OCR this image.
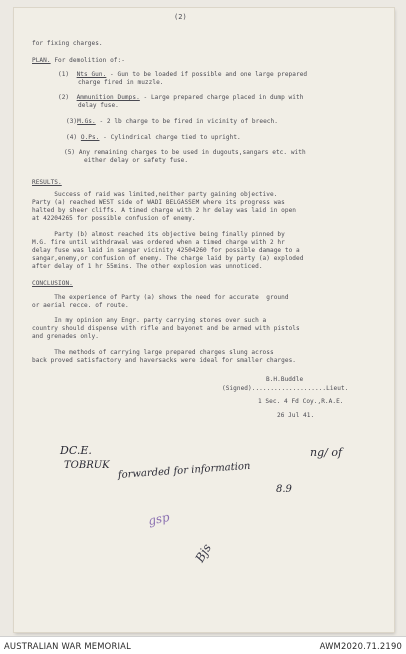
(2)
for fixing charges.
PLAN. For demolition of:-
(1) Nts Gun. - Gun to be loaded if possible and one large prepared
charge fired in muzzle.
(2) Ammunition Dumps. - Large prepared charge placed in dump with
delay fuse.
(3)M.Gs. - 2 lb charge to be fired in vicinity of breech.
(4) O.Ps. - Cylindrical charge tied to upright.
(5) Any remaining charges to be used in dugouts,sangars etc. with
either delay or safety fuse.
RESULTS.
Success of raid was limited,neither party gaining objective.
Party (a) reached WEST side of WADI BELGASSEM where its progress was
halted by sheer cliffs. A timed charge with 2 hr delay was laid in open
at 42204265 for possible confusion of enemy.
Party (b) almost reached its objective being finally pinned by
M.G. fire until withdrawal was ordered when a timed charge with 2 hr
delay fuse was laid in sangar vicinity 42504260 for possible damage to a
sangar,enemy,or confusion of enemy. The charge laid by party (a) exploded
after delay of 1 hr 55mins. The other explosion was unnoticed.
CONCLUSION.
The experience of Party (a) shows the need for accurate  ground
or aerial recce. of route.
In my opinion any Engr. party carrying stores over such a
country should dispense with rifle and bayonet and be armed with pistols
and grenades only.
The methods of carrying large prepared charges slung across
back proved satisfactory and haversacks were ideal for smaller charges.
B.H.Buddle
(Signed)....................Lieut.
1 Sec. 4 Fd Coy.,R.A.E.
26 Jul 41.
DC.E.
TOBRUK forwarded for information
ng/ of
8.9
gsp
Bjs
AUSTRALIAN WAR MEMORIAL	AWM2020.71.2190
